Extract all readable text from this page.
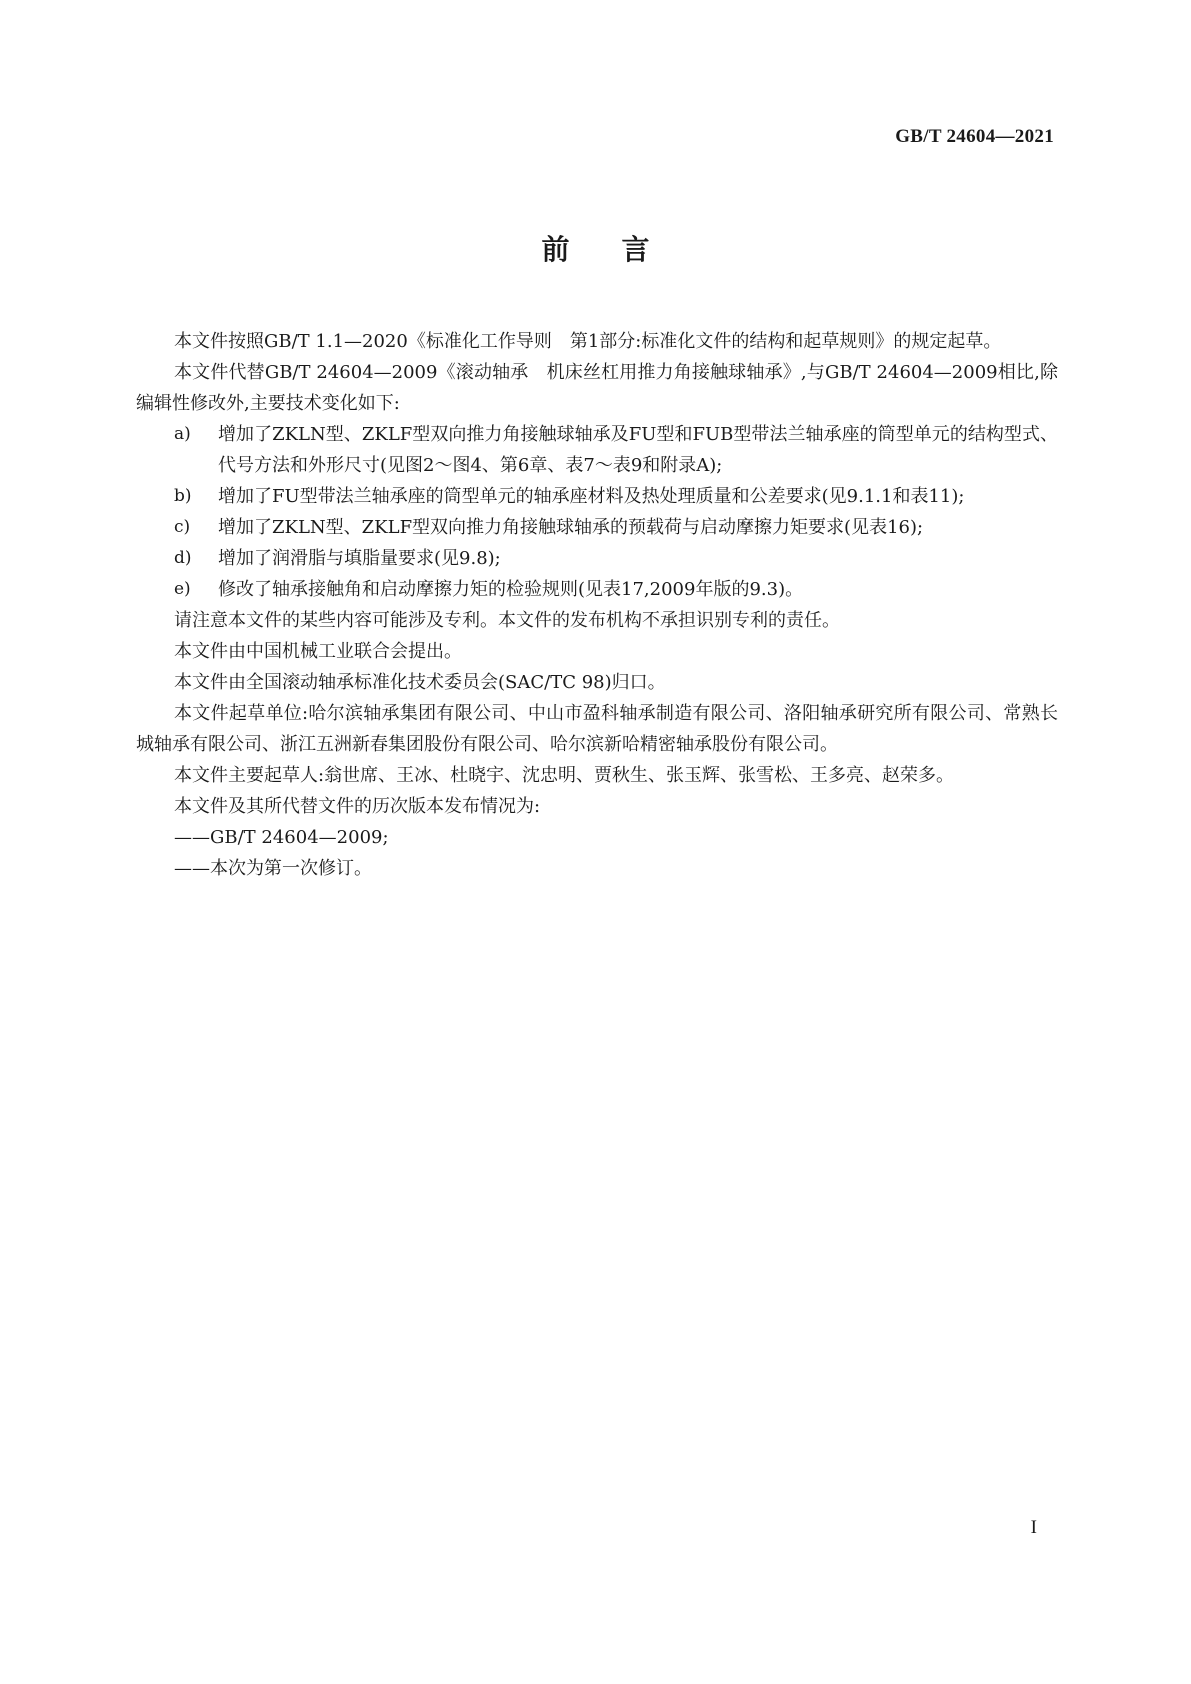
GB/T 24604—2021
前言

本文件按照GB/T 1.1—2020《标准化工作导则　第1部分:标准化文件的结构和起草规则》的规定起草。

本文件代替GB/T 24604—2009《滚动轴承　机床丝杠用推力角接触球轴承》,与GB/T 24604—2009相比,除编辑性修改外,主要技术变化如下:

a) 增加了ZKLN型、ZKLF型双向推力角接触球轴承及FU型和FUB型带法兰轴承座的筒型单元的结构型式、代号方法和外形尺寸(见图2～图4、第6章、表7～表9和附录A);
b) 增加了FU型带法兰轴承座的筒型单元的轴承座材料及热处理质量和公差要求(见9.1.1和表11);
c) 增加了ZKLN型、ZKLF型双向推力角接触球轴承的预载荷与启动摩擦力矩要求(见表16);
d) 增加了润滑脂与填脂量要求(见9.8);
e) 修改了轴承接触角和启动摩擦力矩的检验规则(见表17,2009年版的9.3)。

请注意本文件的某些内容可能涉及专利。本文件的发布机构不承担识别专利的责任。

本文件由中国机械工业联合会提出。

本文件由全国滚动轴承标准化技术委员会(SAC/TC 98)归口。

本文件起草单位:哈尔滨轴承集团有限公司、中山市盈科轴承制造有限公司、洛阳轴承研究所有限公司、常熟长城轴承有限公司、浙江五洲新春集团股份有限公司、哈尔滨新哈精密轴承股份有限公司。

本文件主要起草人:翁世席、王冰、杜晓宇、沈忠明、贾秋生、张玉辉、张雪松、王多亮、赵荣多。

本文件及其所代替文件的历次版本发布情况为:

——GB/T 24604—2009;
——本次为第一次修订。
I
